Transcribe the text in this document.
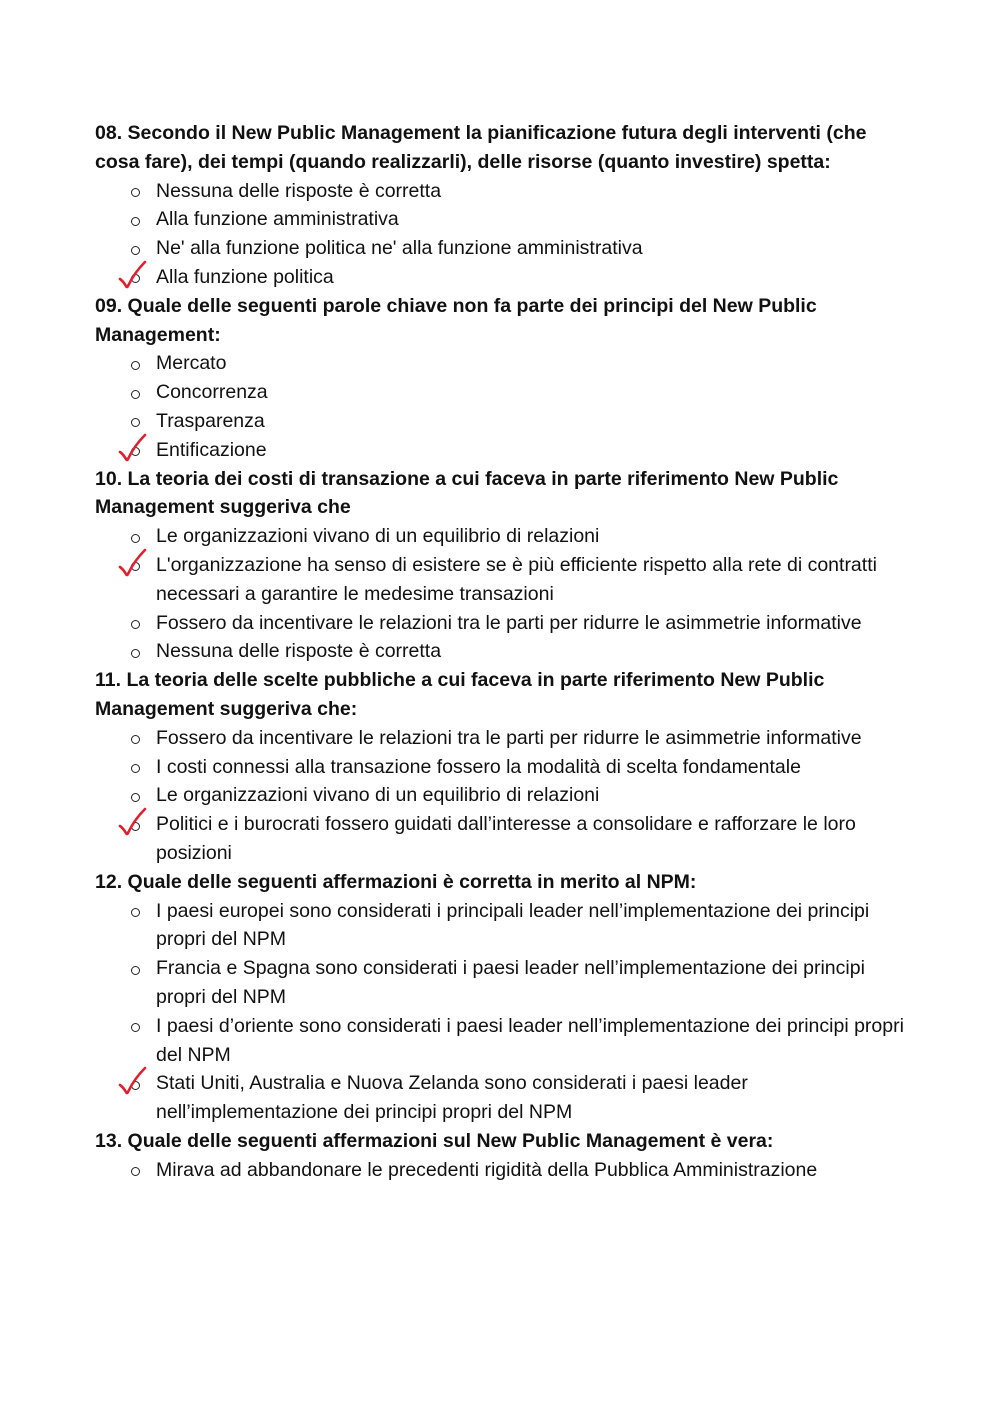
08. Secondo il New Public Management la pianificazione futura degli interventi (che cosa fare), dei tempi (quando realizzarli), delle risorse (quanto investire) spetta:

Nessuna delle risposte è corretta
Alla funzione amministrativa
Ne' alla funzione politica ne' alla funzione amministrativa
Alla funzione politica

09. Quale delle seguenti parole chiave non fa parte dei principi del New Public Management:

Mercato
Concorrenza
Trasparenza
Entificazione

10. La teoria dei costi di transazione a cui faceva in parte riferimento New Public Management suggeriva che

Le organizzazioni vivano di un equilibrio di relazioni
L'organizzazione ha senso di esistere se è più efficiente rispetto alla rete di contratti necessari a garantire le medesime transazioni
Fossero da incentivare le relazioni tra le parti per ridurre le asimmetrie informative
Nessuna delle risposte è corretta

11. La teoria delle scelte pubbliche a cui faceva in parte riferimento New Public Management suggeriva che:

Fossero da incentivare le relazioni tra le parti per ridurre le asimmetrie informative
I costi connessi alla transazione fossero la modalità di scelta fondamentale
Le organizzazioni vivano di un equilibrio di relazioni
Politici e i burocrati fossero guidati dall’interesse a consolidare e rafforzare le loro posizioni

12. Quale delle seguenti affermazioni è corretta in merito al NPM:

I paesi europei sono considerati i principali leader nell’implementazione dei principi propri del NPM
Francia e Spagna sono considerati i paesi leader nell’implementazione dei principi propri del NPM
I paesi d’oriente sono considerati i paesi leader nell’implementazione dei principi propri del NPM
Stati Uniti, Australia e Nuova Zelanda sono considerati i paesi leader nell’implementazione dei principi propri del NPM

13. Quale delle seguenti affermazioni sul New Public Management è vera:

Mirava ad abbandonare le precedenti rigidità della Pubblica Amministrazione
